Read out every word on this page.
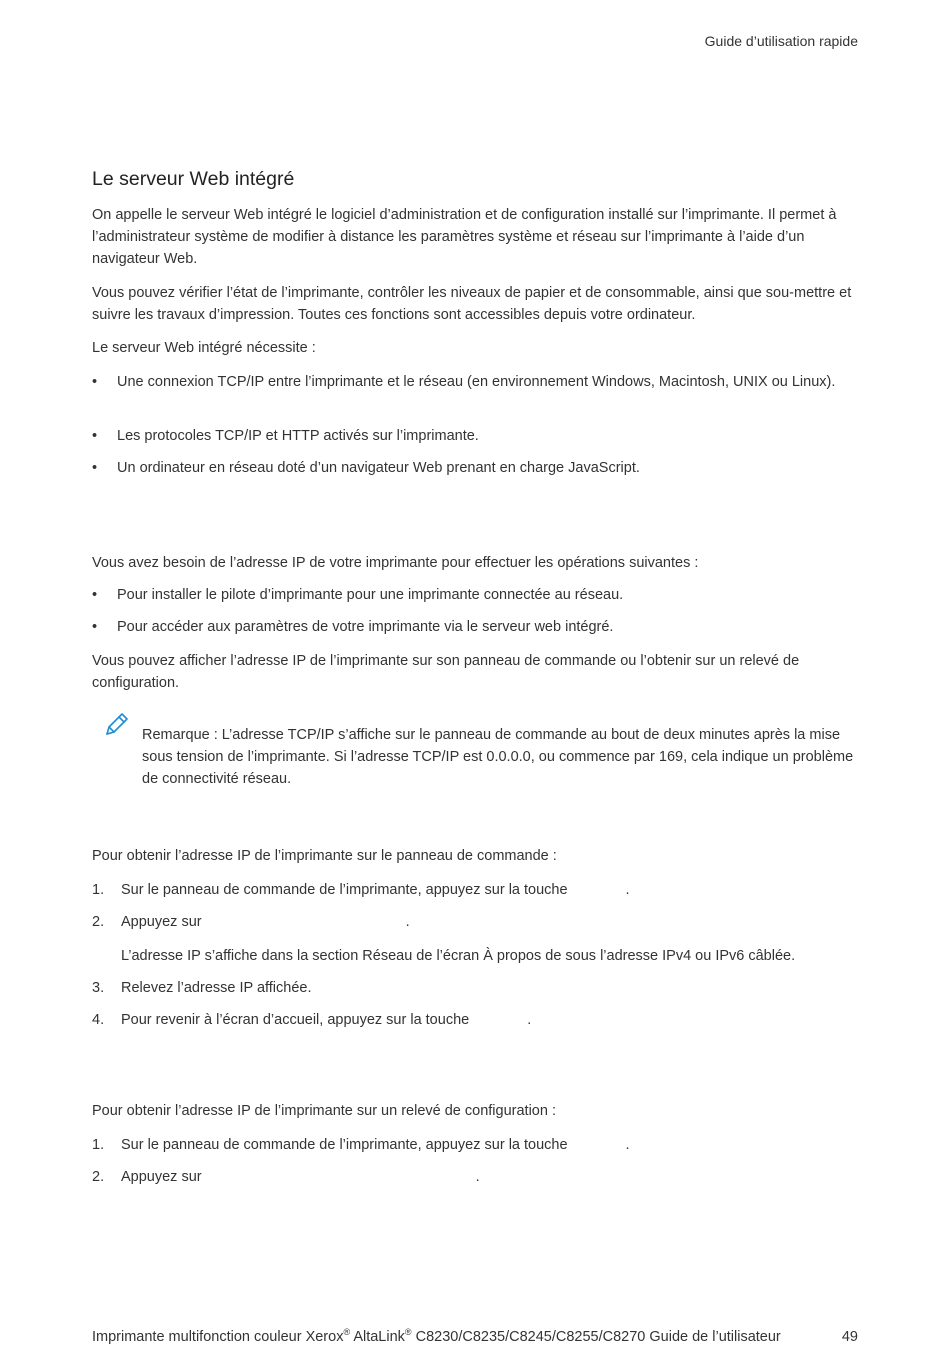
Guide d’utilisation rapide
Le serveur Web intégré

On appelle le serveur Web intégré le logiciel d’administration et de configuration installé sur l’imprimante. Il permet à l’administrateur système de modifier à distance les paramètres système et réseau sur l’imprimante à l’aide d’un navigateur Web.

Vous pouvez vérifier l’état de l’imprimante, contrôler les niveaux de papier et de consommable, ainsi que sou-mettre et suivre les travaux d’impression. Toutes ces fonctions sont accessibles depuis votre ordinateur.

Le serveur Web intégré nécessite :

• Une connexion TCP/IP entre l’imprimante et le réseau (en environnement Windows, Macintosh, UNIX ou Linux).
• Les protocoles TCP/IP et HTTP activés sur l’imprimante.
• Un ordinateur en réseau doté d’un navigateur Web prenant en charge JavaScript.

Vous avez besoin de l’adresse IP de votre imprimante pour effectuer les opérations suivantes :

• Pour installer le pilote d’imprimante pour une imprimante connectée au réseau.
• Pour accéder aux paramètres de votre imprimante via le serveur web intégré.

Vous pouvez afficher l’adresse IP de l’imprimante sur son panneau de commande ou l’obtenir sur un relevé de configuration.

Remarque : L’adresse TCP/IP s’affiche sur le panneau de commande au bout de deux minutes après la mise sous tension de l’imprimante. Si l’adresse TCP/IP est 0.0.0.0, ou commence par 169, cela indique un problème de connectivité réseau.

Pour obtenir l’adresse IP de l’imprimante sur le panneau de commande :

1. Sur le panneau de commande de l’imprimante, appuyez sur la touche	.
2. Appuyez sur	.

L’adresse IP s’affiche dans la section Réseau de l’écran À propos de sous l’adresse IPv4 ou IPv6 câblée.

3. Relevez l’adresse IP affichée.
4. Pour revenir à l’écran d’accueil, appuyez sur la touche	.

Pour obtenir l’adresse IP de l’imprimante sur un relevé de configuration :

1. Sur le panneau de commande de l’imprimante, appuyez sur la touche	.
2. Appuyez sur	.
Imprimante multifonction couleur Xerox® AltaLink® C8230/C8235/C8245/C8255/C8270 Guide de l’utilisateur	49
